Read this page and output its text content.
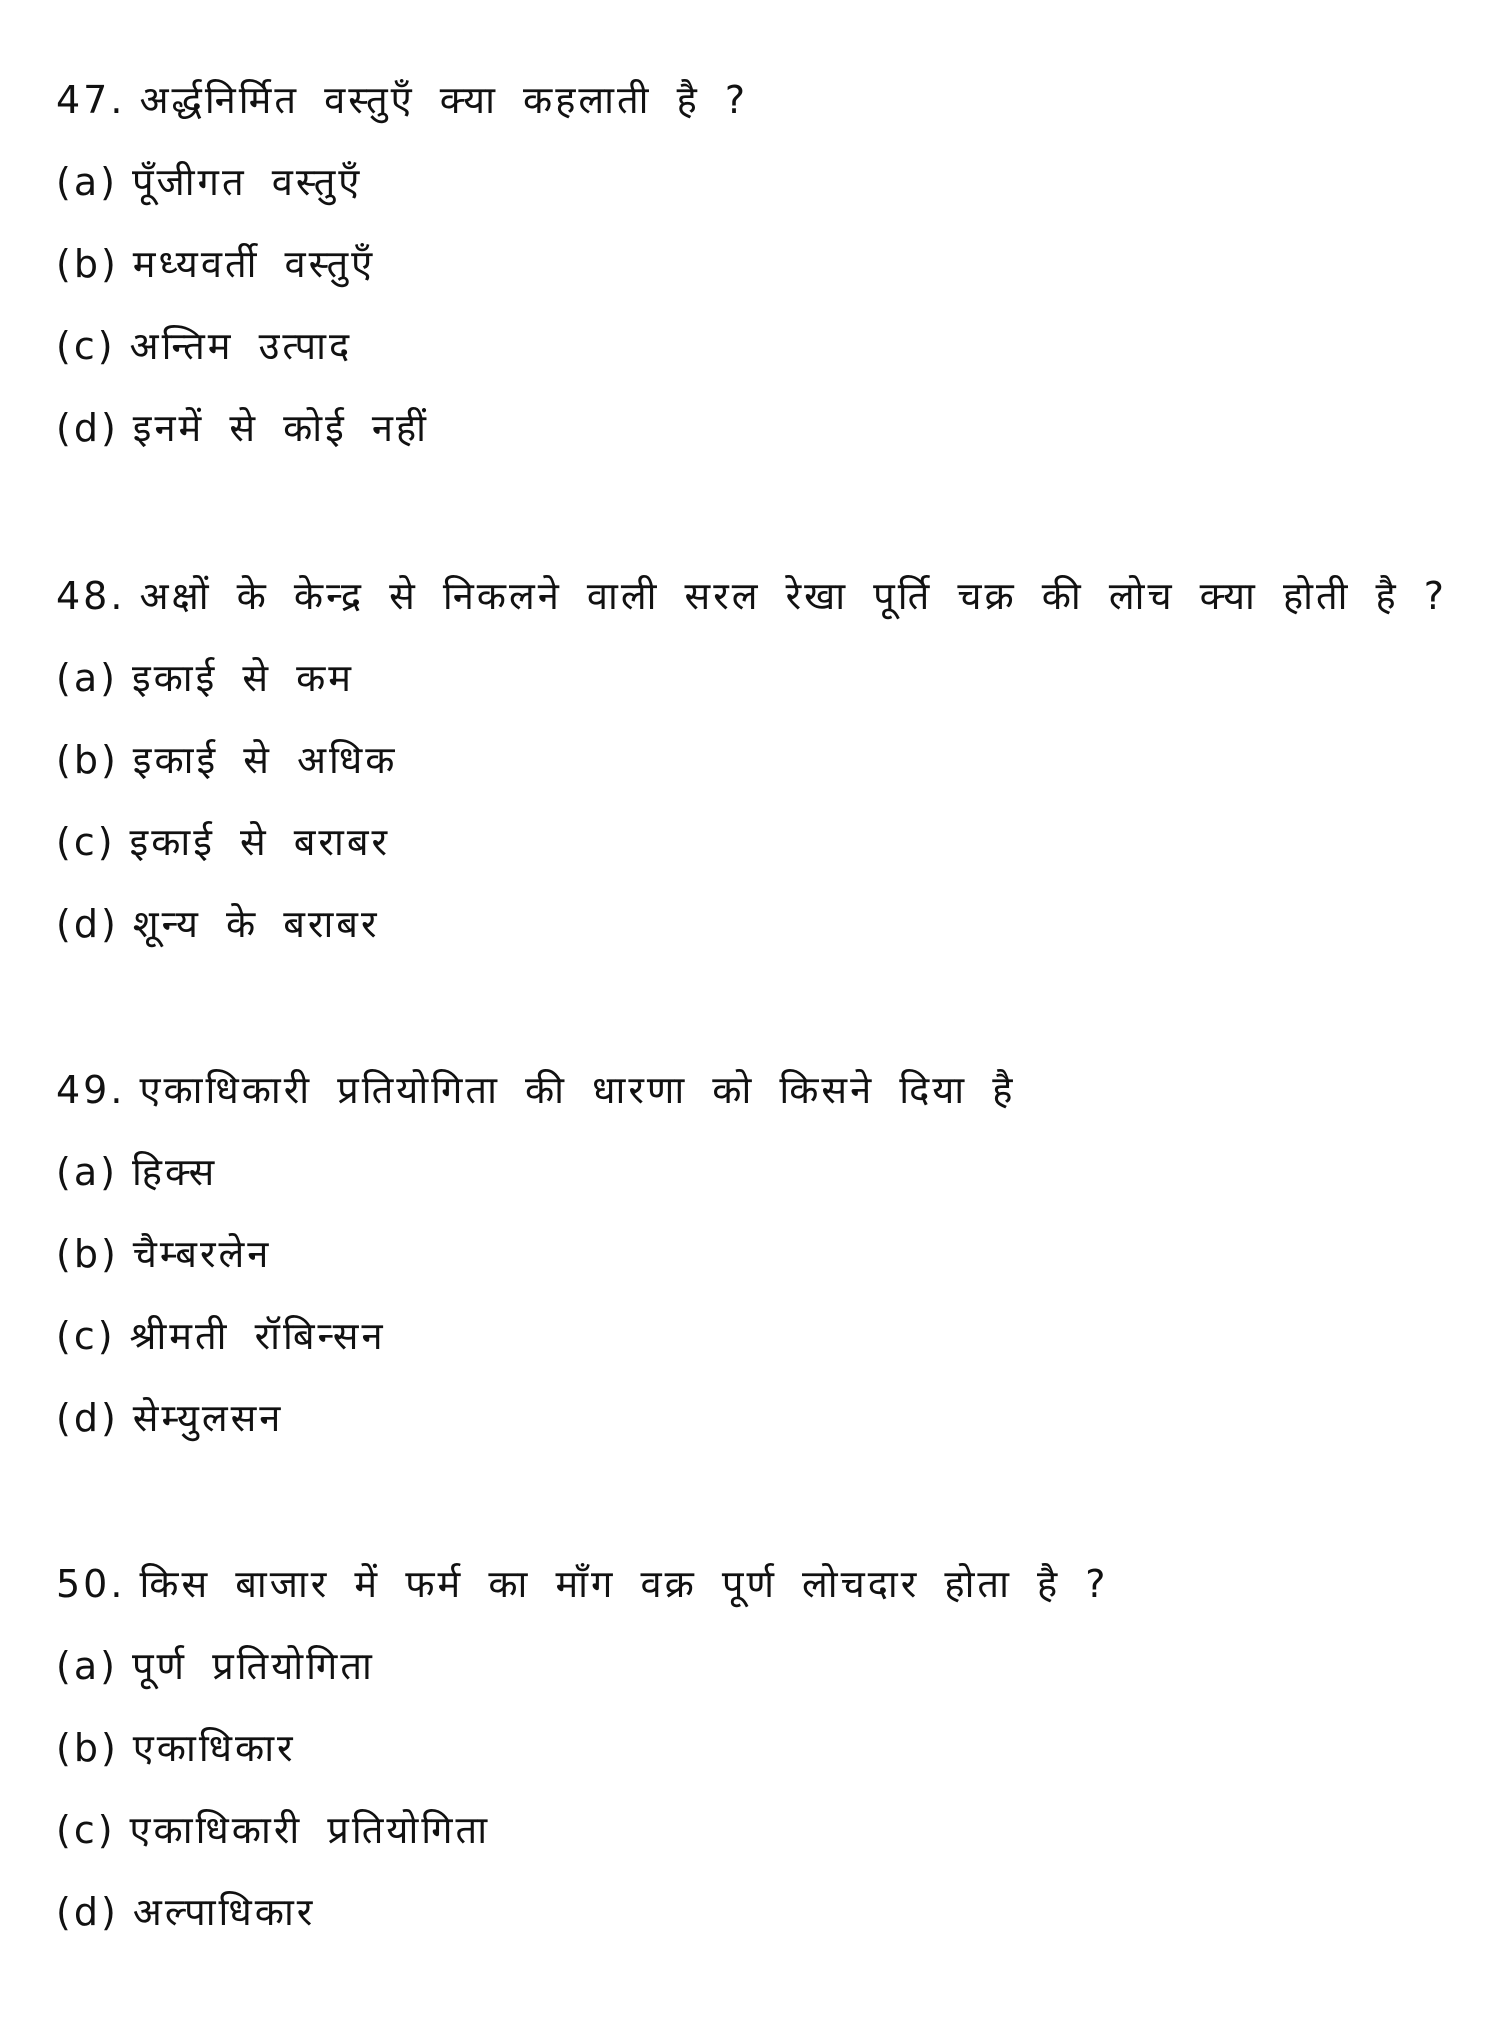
47. अर्द्धनिर्मित वस्तुएँ क्या कहलाती है ?
(a) पूँजीगत वस्तुएँ
(b) मध्यवर्ती वस्तुएँ
(c) अन्तिम उत्पाद
(d) इनमें से कोई नहीं
48. अक्षों के केन्द्र से निकलने वाली सरल रेखा पूर्ति चक्र की लोच क्या होती है ?
(a) इकाई से कम
(b) इकाई से अधिक
(c) इकाई से बराबर
(d) शून्य के बराबर
49. एकाधिकारी प्रतियोगिता की धारणा को किसने दिया है
(a) हिक्स
(b) चैम्बरलेन
(c) श्रीमती रॉबिन्सन
(d) सेम्युलसन
50. किस बाजार में फर्म का माँग वक्र पूर्ण लोचदार होता है ?
(a) पूर्ण प्रतियोगिता
(b) एकाधिकार
(c) एकाधिकारी प्रतियोगिता
(d) अल्पाधिकार
